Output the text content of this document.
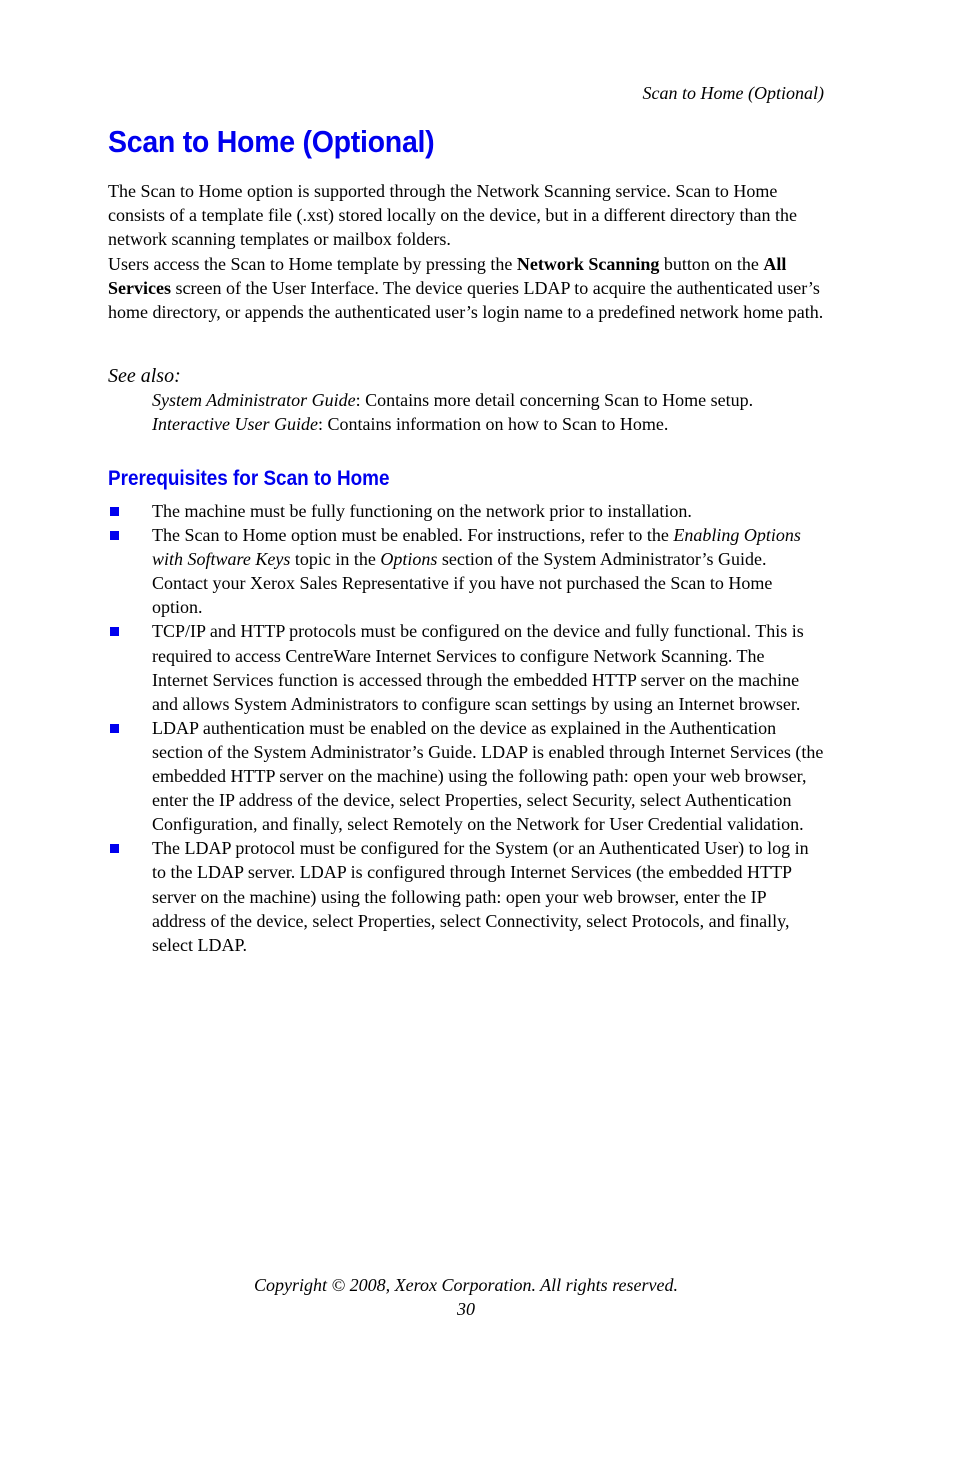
Scan to Home (Optional)
Scan to Home (Optional)

The Scan to Home option is supported through the Network Scanning service. Scan to Home consists of a template file (.xst) stored locally on the device, but in a different directory than the network scanning templates or mailbox folders.

Users access the Scan to Home template by pressing the Network Scanning button on the All Services screen of the User Interface. The device queries LDAP to acquire the authenticated user’s home directory, or appends the authenticated user’s login name to a predefined network home path.

See also:
System Administrator Guide: Contains more detail concerning Scan to Home setup.
Interactive User Guide: Contains information on how to Scan to Home.
Prerequisites for Scan to Home
The machine must be fully functioning on the network prior to installation.
The Scan to Home option must be enabled. For instructions, refer to the Enabling Options with Software Keys topic in the Options section of the System Administrator’s Guide. Contact your Xerox Sales Representative if you have not purchased the Scan to Home option.
TCP/IP and HTTP protocols must be configured on the device and fully functional. This is required to access CentreWare Internet Services to configure Network Scanning. The Internet Services function is accessed through the embedded HTTP server on the machine and allows System Administrators to configure scan settings by using an Internet browser.
LDAP authentication must be enabled on the device as explained in the Authentication section of the System Administrator’s Guide. LDAP is enabled through Internet Services (the embedded HTTP server on the machine) using the following path: open your web browser, enter the IP address of the device, select Properties, select Security, select Authentication Configuration, and finally, select Remotely on the Network for User Credential validation.
The LDAP protocol must be configured for the System (or an Authenticated User) to log in to the LDAP server. LDAP is configured through Internet Services (the embedded HTTP server on the machine) using the following path: open your web browser, enter the IP address of the device, select Properties, select Connectivity, select Protocols, and finally, select LDAP.
Copyright © 2008, Xerox Corporation. All rights reserved.
30
